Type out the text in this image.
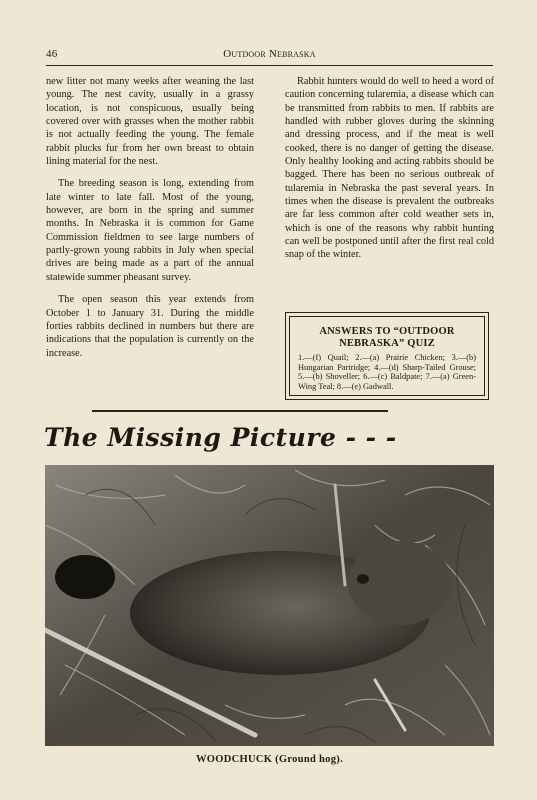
46	Outdoor Nebraska

new litter not many weeks after weaning the last young. The nest cavity, usually in a grassy location, is not conspicuous, usually being covered over with grasses when the mother rabbit is not actually feeding the young. The female rabbit plucks fur from her own breast to obtain lining material for the nest.

The breeding season is long, extending from late winter to late fall. Most of the young, however, are born in the spring and summer months. In Nebraska it is common for Game Commission fieldmen to see large numbers of partly-grown young rabbits in July when special drives are being made as a part of the annual statewide summer pheasant survey.

The open season this year extends from October 1 to January 31. During the middle forties rabbits declined in numbers but there are indications that the population is currently on the increase.

Rabbit hunters would do well to heed a word of caution concerning tularemia, a disease which can be transmitted from rabbits to men. If rabbits are handled with rubber gloves during the skinning and dressing process, and if the meat is well cooked, there is no danger of getting the disease. Only healthy looking and acting rabbits should be bagged. There has been no serious outbreak of tularemia in Nebraska the past several years. In times when the disease is prevalent the outbreaks are far less common after cold weather sets in, which is one of the reasons why rabbit hunting can well be postponed until after the first real cold snap of the winter.

ANSWERS TO “OUTDOOR
NEBRASKA” QUIZ
1.—(f) Quail; 2.—(a) Prairie Chicken; 3.—(b) Hungarian Partridge; 4.—(d) Sharp-Tailed Grouse; 5.—(b) Shoveller; 6.—(c) Baldpate; 7.—(a) Green-Wing Teal; 8.—(e) Gadwall.
The Missing Picture - - -
WOODCHUCK (Ground hog).
